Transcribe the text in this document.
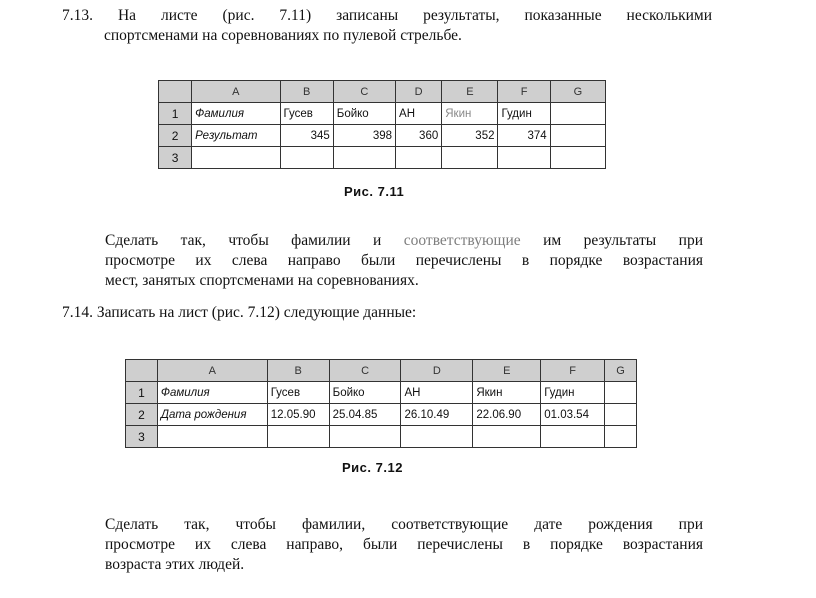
7.13. На листе (рис. 7.11) записаны результаты, показанные несколькими
спортсменами на соревнованиях по пулевой стрельбе.
	A	B	C	D	E	F	G
1	Фамилия	Гусев	Бойко	АН	Якин	Гудин	
2	Результат	345	398	360	352	374	
3							
Рис. 7.11
Сделать так, чтобы фамилии и соответствующие им результаты при
просмотре их слева направо были перечислены в порядке возрастания
мест, занятых спортсменами на соревнованиях.
7.14. Записать на лист (рис. 7.12) следующие данные:
	A	B	C	D	E	F	G
1	Фамилия	Гусев	Бойко	АН	Якин	Гудин	
2	Дата рождения	12.05.90	25.04.85	26.10.49	22.06.90	01.03.54	
3							
Рис. 7.12
Сделать так, чтобы фамилии, соответствующие дате рождения при
просмотре их слева направо, были перечислены в порядке возрастания
возраста этих людей.
